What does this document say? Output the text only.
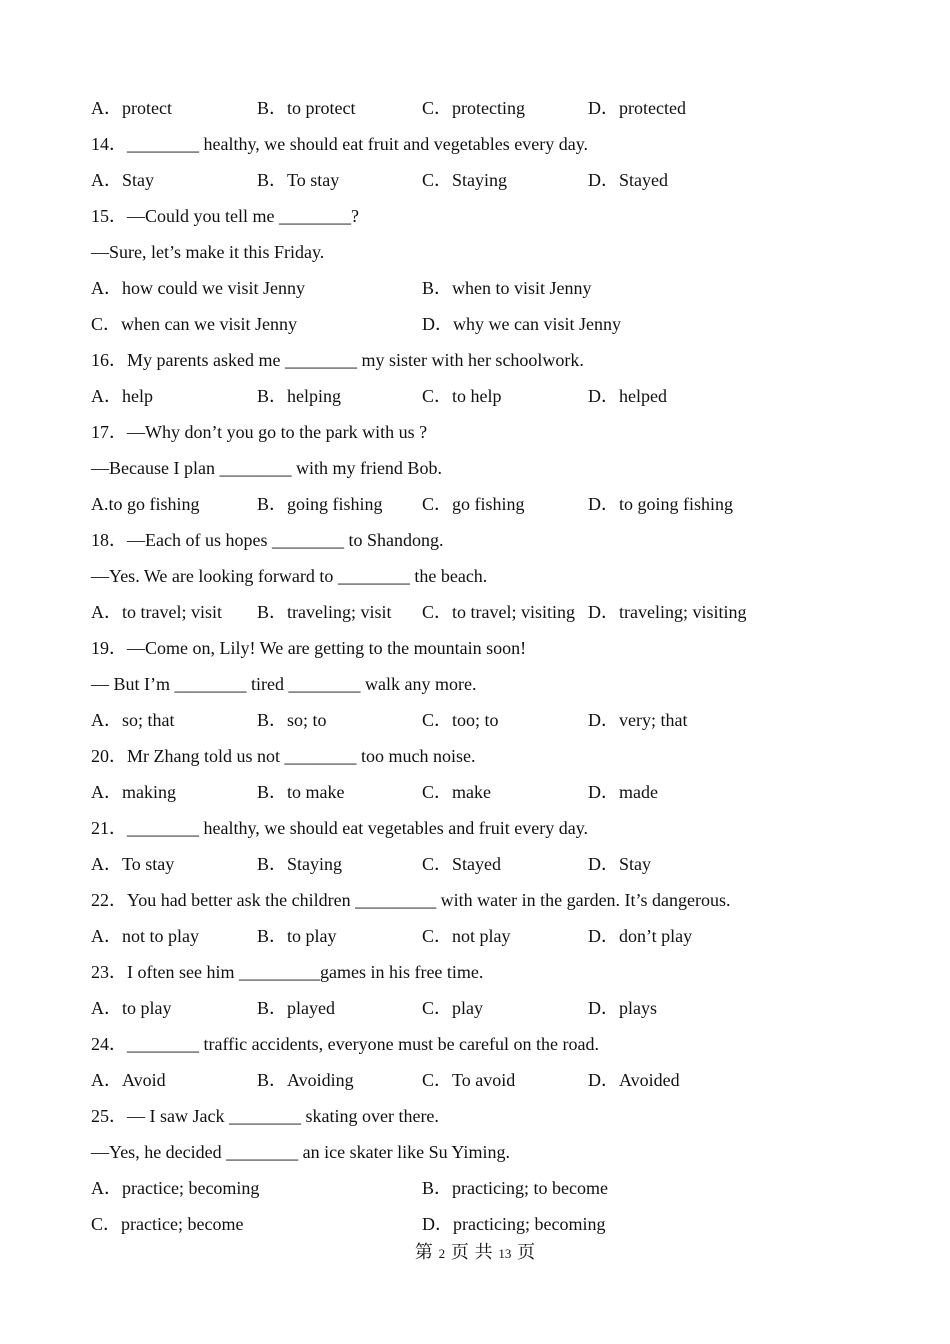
A．protect	B．to protect	C．protecting	D．protected
14．________ healthy, we should eat fruit and vegetables every day.
A．Stay	B．To stay	C．Staying	D．Stayed
15．—Could you tell me ________?
—Sure, let’s make it this Friday.
A．how could we visit Jenny	B．when to visit Jenny
C．when can we visit Jenny	D．why we can visit Jenny
16．My parents asked me ________ my sister with her schoolwork.
A．help	B．helping	C．to help	D．helped
17．—Why don’t you go to the park with us ?
—Because I plan ________ with my friend Bob.
A.to go fishing	B．going fishing C．go fishing	D．to going fishing
18．—Each of us hopes ________ to Shandong.
—Yes. We are looking forward to ________ the beach.
A．to travel; visit B．traveling; visit C．to travel; visiting D．traveling; visiting
19．—Come on, Lily! We are getting to the mountain soon!
— But I’m ________ tired ________ walk any more.
A．so; that	B．so; to	C．too; to	D．very; that
20．Mr Zhang told us not ________ too much noise.
A．making	B．to make	C．make	D．made
21．________ healthy, we should eat vegetables and fruit every day.
A．To stay	B．Staying	C．Stayed	D．Stay
22．You had better ask the children _________ with water in the garden. It’s dangerous.
A．not to play	B．to play	C．not play	D．don’t play
23．I often see him _________games in his free time.
A．to play	B．played	C．play	D．plays
24．________ traffic accidents, everyone must be careful on the road.
A．Avoid	B．Avoiding	C．To avoid	D．Avoided
25．— I saw Jack ________ skating over there.
—Yes, he decided ________ an ice skater like Su Yiming.
A．practice; becoming	B．practicing; to become
C．practice; become	D．practicing; becoming
第 2 页 共 13 页
